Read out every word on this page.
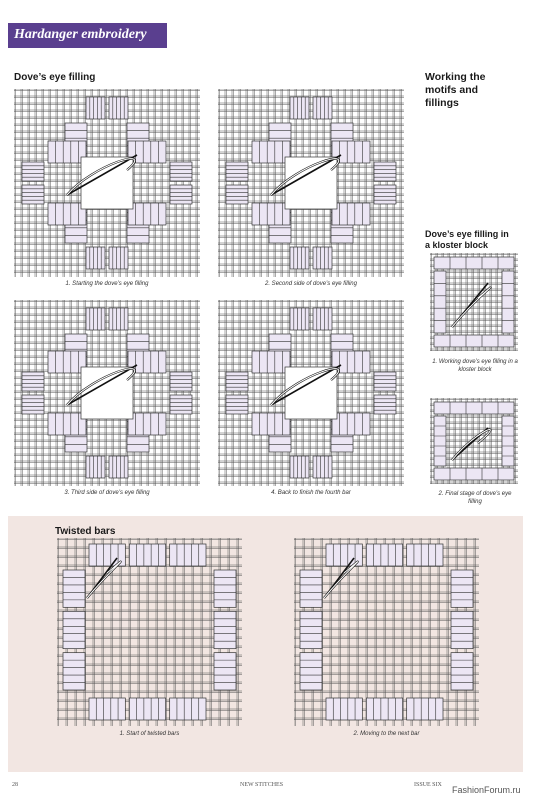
Hardanger embroidery
Dove’s eye filling	Working the
motifs and
fillings
Dove’s eye filling in
a kloster block
1. Starting the dove’s eye filling	2. Second side of dove’s eye filling
3. Third side of dove’s eye filling	4. Back to finish the fourth bar
1. Working dove’s eye filling in a
kloster block
2. Final stage of dove’s eye
filling
Twisted bars
1. Start of twisted bars	2. Moving to the next bar
28	NEW STITCHES	ISSUE SIX FashionForum.ru
